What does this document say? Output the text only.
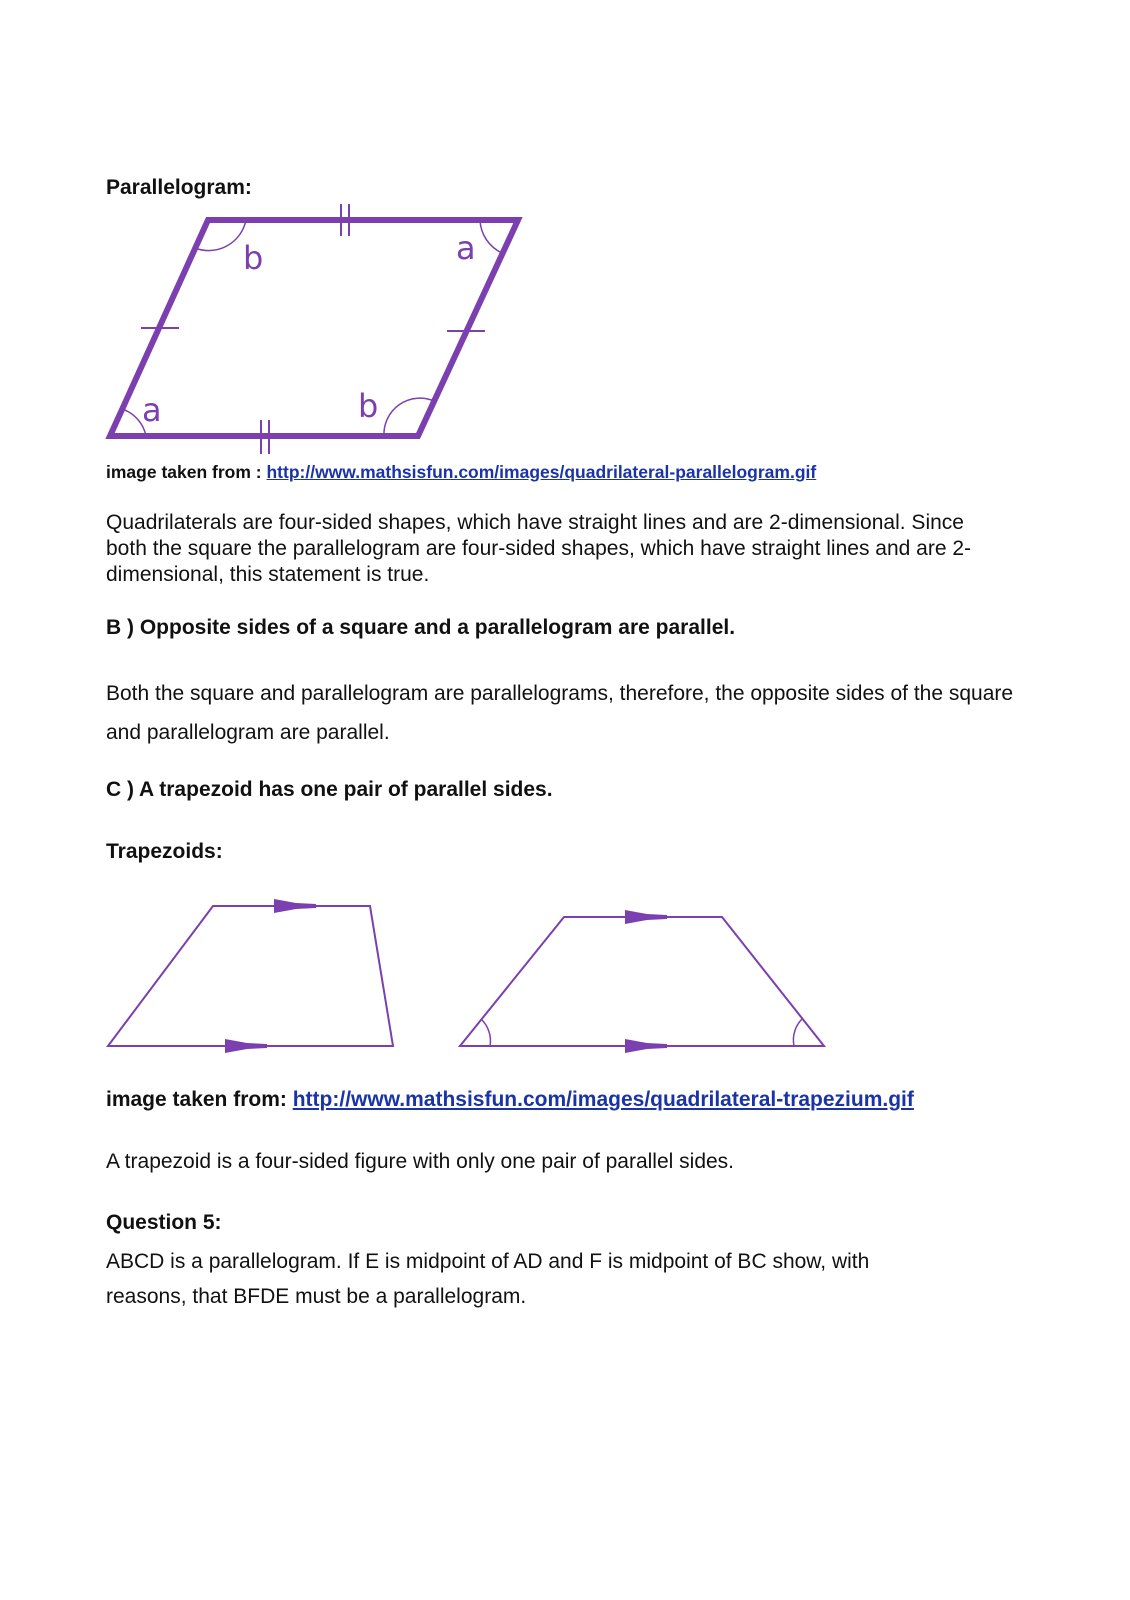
Parallelogram:
b	a
a	b
image taken from : http://www.mathsisfun.com/images/quadrilateral-parallelogram.gif
Quadrilaterals are four-sided shapes, which have straight lines and are 2-dimensional. Since both the square the parallelogram are four-sided shapes, which have straight lines and are 2-dimensional, this statement is true.
B ) Opposite sides of a square and a parallelogram are parallel.
Both the square and parallelogram are parallelograms, therefore, the opposite sides of the square and parallelogram are parallel.
C ) A trapezoid has one pair of parallel sides.
Trapezoids:
image taken from: http://www.mathsisfun.com/images/quadrilateral-trapezium.gif
A trapezoid is a four-sided figure with only one pair of parallel sides.
Question 5:
ABCD is a parallelogram. If E is midpoint of AD and F is midpoint of BC show, with reasons, that BFDE must be a parallelogram.
